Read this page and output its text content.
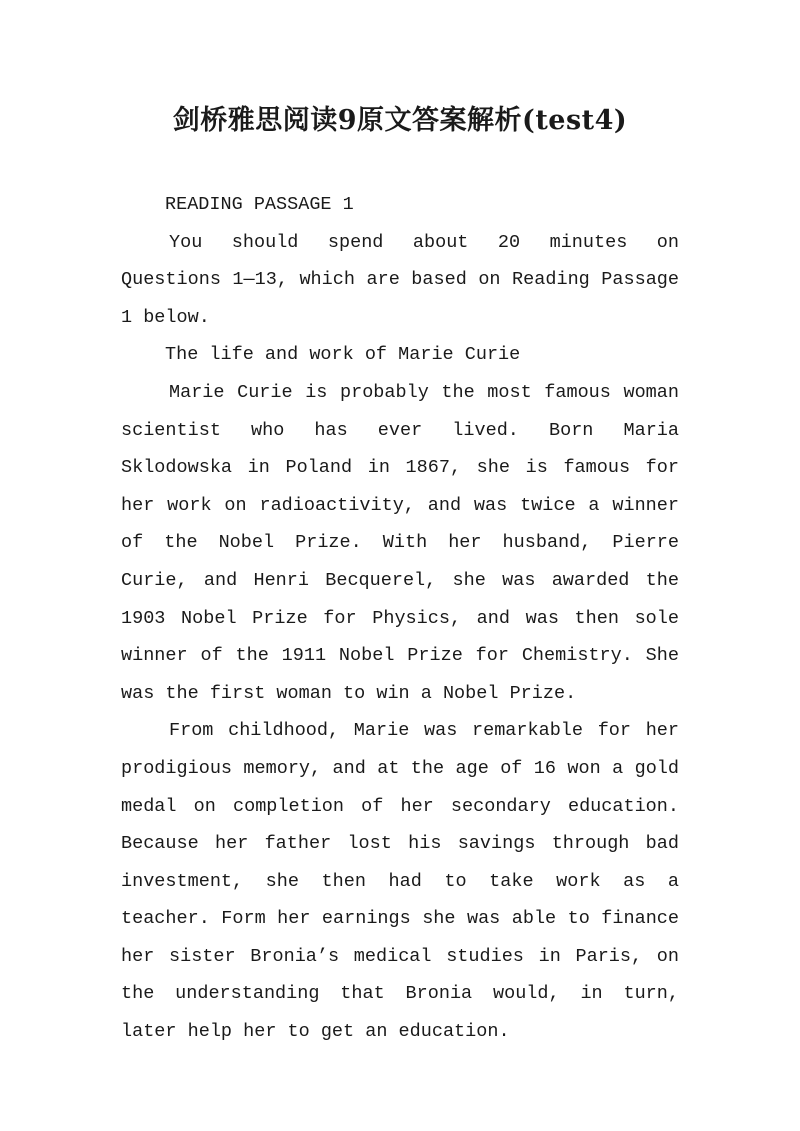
剑桥雅思阅读9原文答案解析(test4)

READING PASSAGE 1

You should spend about 20 minutes on Questions 1—13, which are based on Reading Passage 1 below.

The life and work of Marie Curie

Marie Curie is probably the most famous woman scientist who has ever lived. Born Maria Sklodowska in Poland in 1867, she is famous for her work on radioactivity, and was twice a winner of the Nobel Prize. With her husband, Pierre Curie, and Henri Becquerel, she was awarded the 1903 Nobel Prize for Physics, and was then sole winner of the 1911 Nobel Prize for Chemistry. She was the first woman to win a Nobel Prize.

From childhood, Marie was remarkable for her prodigious memory, and at the age of 16 won a gold medal on completion of her secondary education. Because her father lost his savings through bad investment, she then had to take work as a teacher. Form her earnings she was able to finance her sister Bronia’s medical studies in Paris, on the understanding that Bronia would, in turn, later help her to get an education.
